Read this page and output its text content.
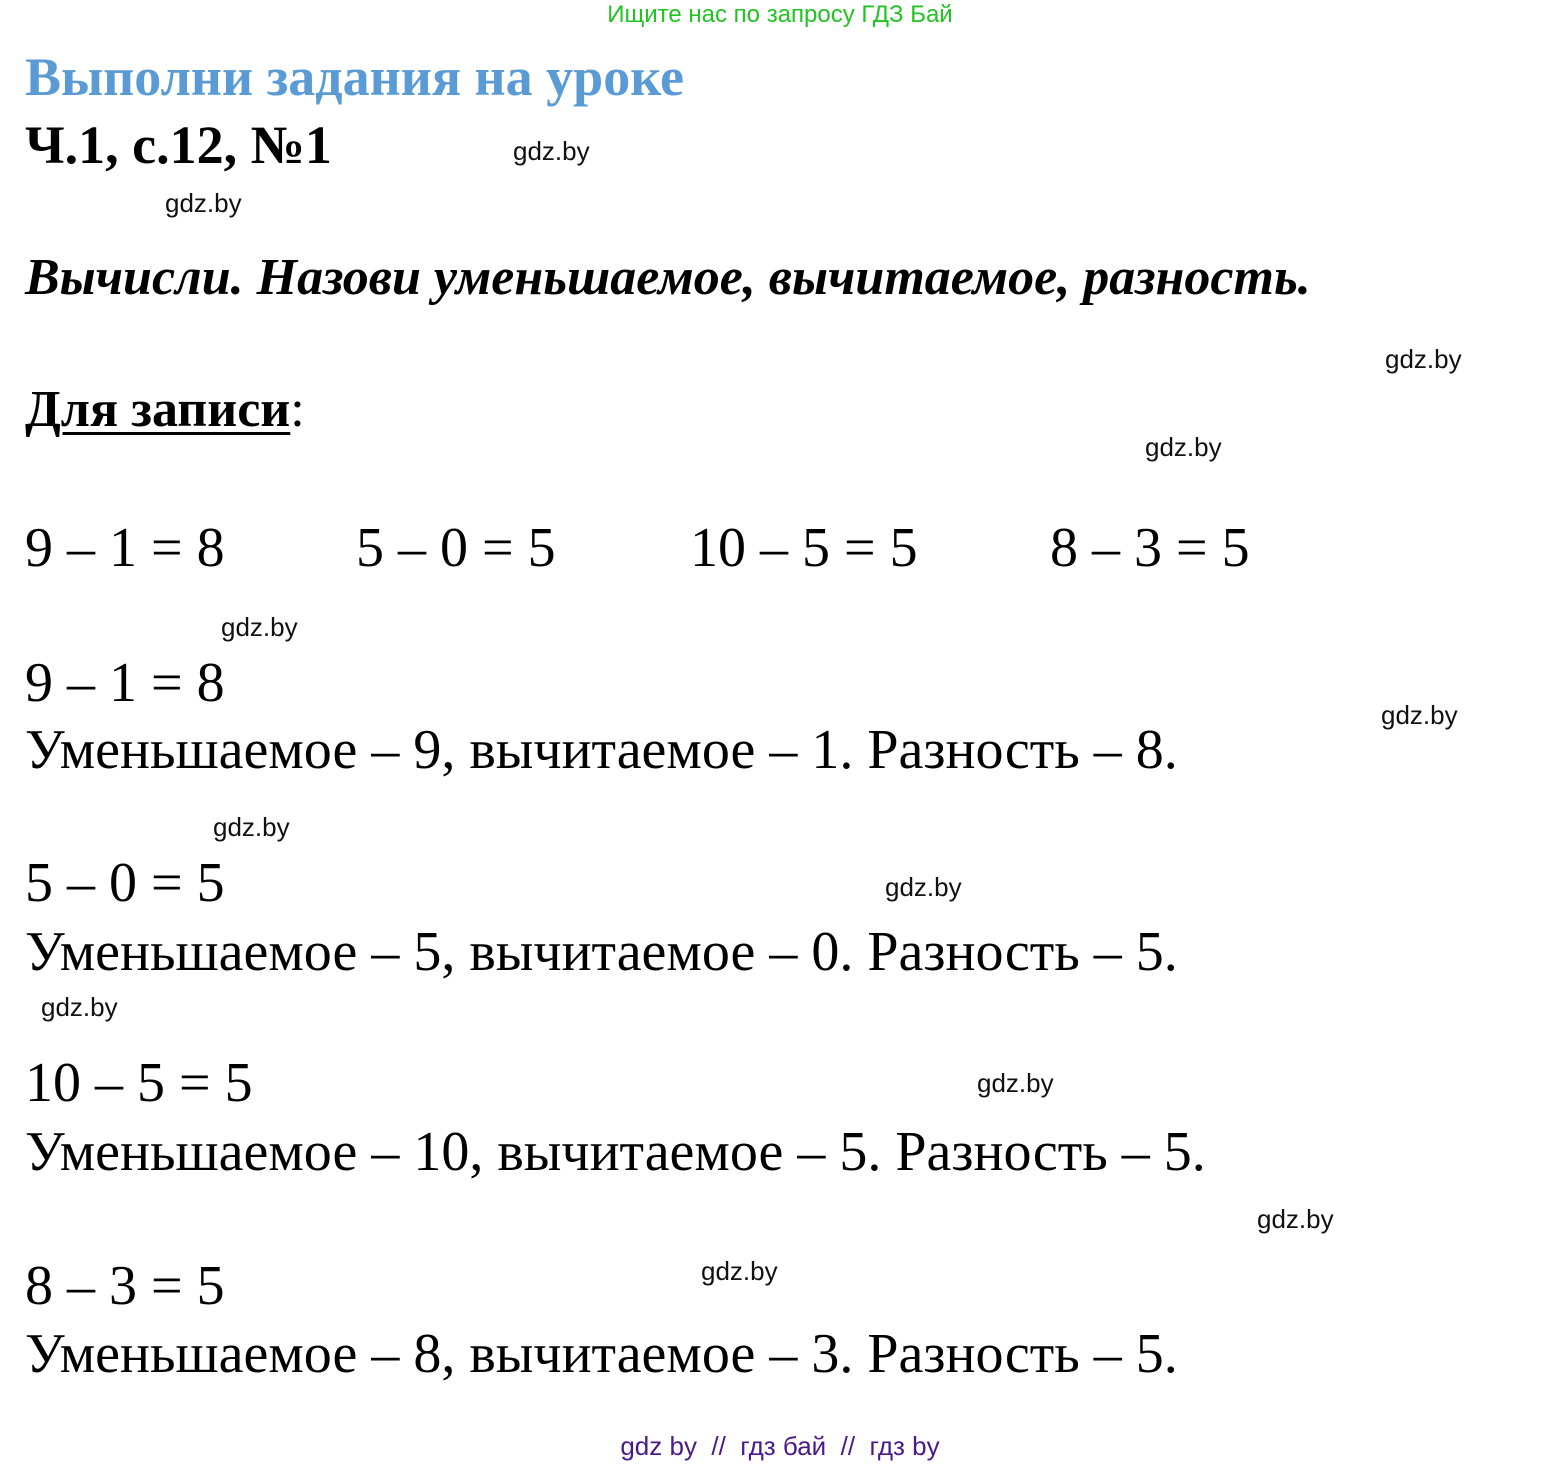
Ищите нас по запросу ГДЗ Бай
Выполни задания на уроке
Ч.1, с.12, №1
Вычисли. Назови уменьшаемое, вычитаемое, разность.
Для записи:
9 – 1 = 8 5 – 0 = 5 10 – 5 = 5 8 – 3 = 5
9 – 1 = 8
Уменьшаемое – 9, вычитаемое – 1. Разность – 8.
5 – 0 = 5
Уменьшаемое – 5, вычитаемое – 0. Разность – 5.
10 – 5 = 5
Уменьшаемое – 10, вычитаемое – 5. Разность – 5.
8 – 3 = 5
Уменьшаемое – 8, вычитаемое – 3. Разность – 5.
gdz.by
gdz.by
gdz.by
gdz.by
gdz.by
gdz.by
gdz.by
gdz.by
gdz.by
gdz.by
gdz.by
gdz.by
gdz by  //  гдз бай  //  гдз by
